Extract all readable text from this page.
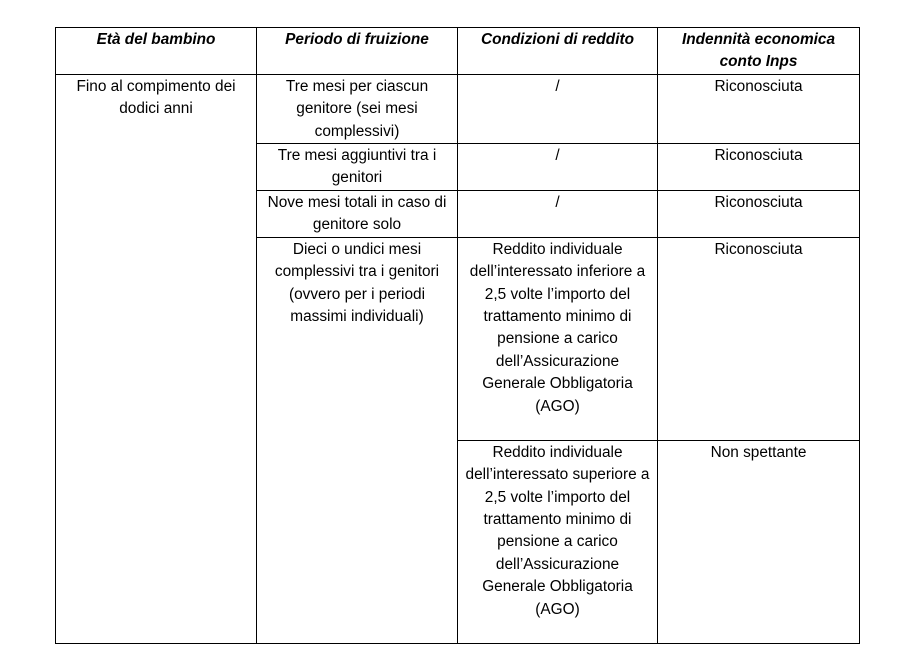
Età del bambino	Periodo di fruizione	Condizioni di reddito	Indennità economica conto Inps
Fino al compimento dei dodici anni	Tre mesi per ciascun genitore (sei mesi complessivi)	/	Riconosciuta
	Tre mesi aggiuntivi tra i genitori	/	Riconosciuta
	Nove mesi totali in caso di genitore solo	/	Riconosciuta
	Dieci o undici mesi complessivi tra i genitori (ovvero per i periodi massimi individuali)	Reddito individuale dell’interessato inferiore a 2,5 volte l’importo del trattamento minimo di pensione a carico dell’Assicurazione Generale Obbligatoria (AGO)	Riconosciuta
		Reddito individuale dell’interessato superiore a 2,5 volte l’importo del trattamento minimo di pensione a carico dell’Assicurazione Generale Obbligatoria (AGO)	Non spettante
